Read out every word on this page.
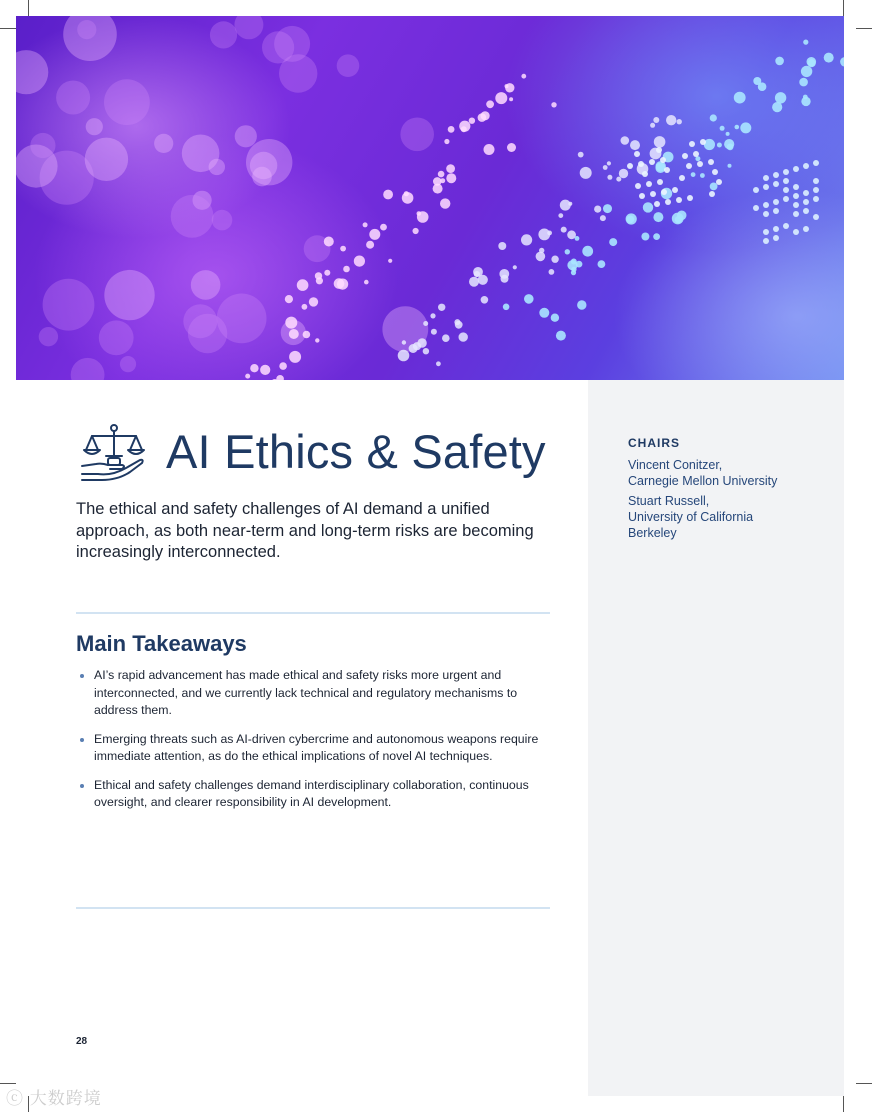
CHAIRS
Vincent Conitzer,
Carnegie Mellon University
Stuart Russell,
University of California
Berkeley
AI Ethics & Safety

The ethical and safety challenges of AI demand a unified approach, as both near-term and long-term risks are becoming increasingly interconnected.

Main Takeaways
AI’s rapid advancement has made ethical and safety risks more urgent and interconnected, and we currently lack technical and regulatory mechanisms to address them.
Emerging threats such as AI-driven cybercrime and autonomous weapons require immediate attention, as do the ethical implications of novel AI techniques.
Ethical and safety challenges demand interdisciplinary collaboration, continuous oversight, and clearer responsibility in AI development.
28
ⓒ 大数跨境
